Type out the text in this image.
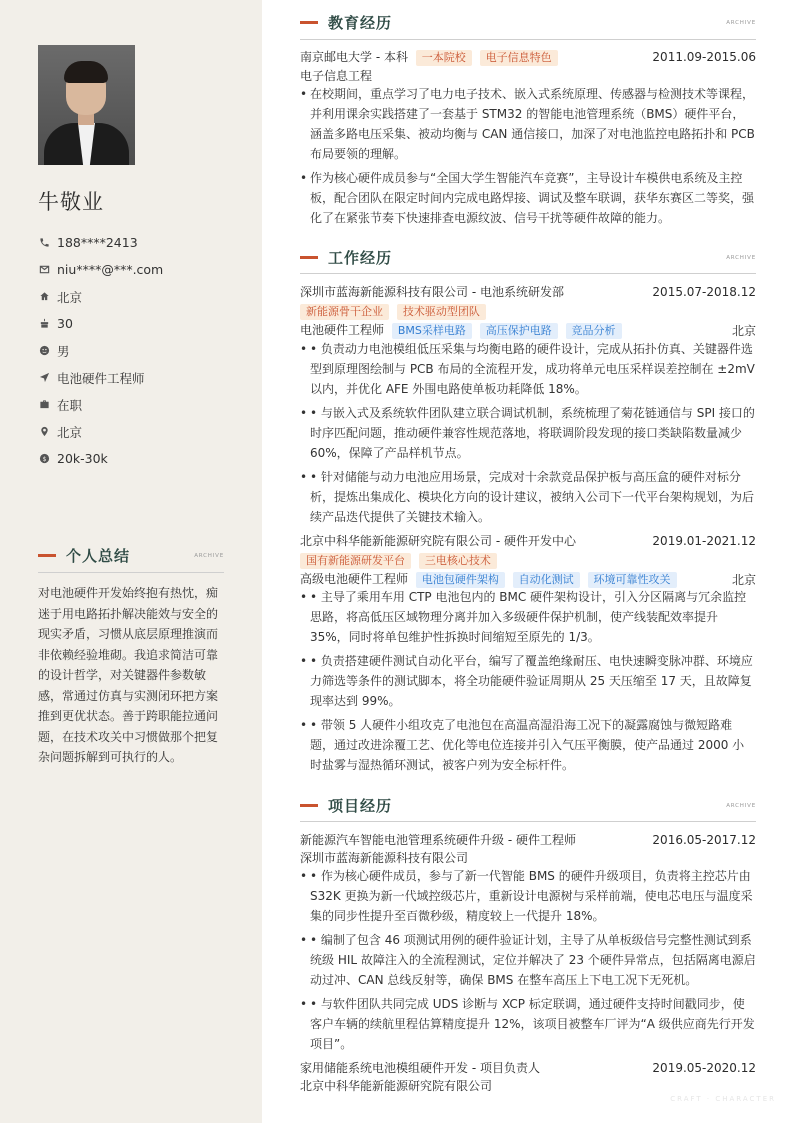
牛敬业
188****2413
niu****@***.com
北京
30
男
电池硬件工程师
在职
北京
$ 20k-30k
个人总结	ARCHIVE
对电池硬件开发始终抱有热忱，痴迷于用电路拓扑解决能效与安全的现实矛盾，习惯从底层原理推演而非依赖经验堆砌。我追求简洁可靠的设计哲学，对关键器件参数敏感，常通过仿真与实测闭环把方案推到更优状态。善于跨职能拉通问题，在技术攻关中习惯做那个把复杂问题拆解到可执行的人。
教育经历	ARCHIVE
南京邮电大学 - 本科 一本院校 电子信息特色	2011.09-2015.06
电子信息工程
• 在校期间，重点学习了电力电子技术、嵌入式系统原理、传感器与检测技术等课程，并利用课余实践搭建了一套基于 STM32 的智能电池管理系统（BMS）硬件平台，涵盖多路电压采集、被动均衡与 CAN 通信接口，加深了对电池监控电路拓扑和 PCB 布局要领的理解。
• 作为核心硬件成员参与“全国大学生智能汽车竞赛”，主导设计车模供电系统及主控板，配合团队在限定时间内完成电路焊接、调试及整车联调，获华东赛区二等奖，强化了在紧张节奏下快速排查电源纹波、信号干扰等硬件故障的能力。
工作经历	ARCHIVE
深圳市蓝海新能源科技有限公司 - 电池系统研发部	2015.07-2018.12
新能源骨干企业 技术驱动型团队
电池硬件工程师 BMS采样电路 高压保护电路 竞品分析	北京
• • 负责动力电池模组低压采集与均衡电路的硬件设计，完成从拓扑仿真、关键器件选型到原理图绘制与 PCB 布局的全流程开发，成功将单元电压采样误差控制在 ±2mV 以内，并优化 AFE 外围电路使单板功耗降低 18%。
• • 与嵌入式及系统软件团队建立联合调试机制，系统梳理了菊花链通信与 SPI 接口的时序匹配问题，推动硬件兼容性规范落地，将联调阶段发现的接口类缺陷数量减少 60%，保障了产品样机节点。
• • 针对储能与动力电池应用场景，完成对十余款竞品保护板与高压盒的硬件对标分析，提炼出集成化、模块化方向的设计建议，被纳入公司下一代平台架构规划，为后续产品迭代提供了关键技术输入。
北京中科华能新能源研究院有限公司 - 硬件开发中心	2019.01-2021.12
国有新能源研发平台 三电核心技术
高级电池硬件工程师 电池包硬件架构 自动化测试 环境可靠性攻关	北京
• • 主导了乘用车用 CTP 电池包内的 BMC 硬件架构设计，引入分区隔离与冗余监控思路，将高低压区域物理分离并加入多级硬件保护机制，使产线装配效率提升 35%，同时将单包维护性拆换时间缩短至原先的 1/3。
• • 负责搭建硬件测试自动化平台，编写了覆盖绝缘耐压、电快速瞬变脉冲群、环境应力筛选等条件的测试脚本，将全功能硬件验证周期从 25 天压缩至 17 天，且故障复现率达到 99%。
• • 带领 5 人硬件小组攻克了电池包在高温高湿沿海工况下的凝露腐蚀与微短路难题，通过改进涂覆工艺、优化等电位连接并引入气压平衡膜，使产品通过 2000 小时盐雾与湿热循环测试，被客户列为安全标杆件。
项目经历	ARCHIVE
新能源汽车智能电池管理系统硬件升级 - 硬件工程师	2016.05-2017.12
深圳市蓝海新能源科技有限公司
• • 作为核心硬件成员，参与了新一代智能 BMS 的硬件升级项目，负责将主控芯片由 S32K 更换为新一代域控级芯片，重新设计电源树与采样前端，使电芯电压与温度采集的同步性提升至百微秒级，精度较上一代提升 18%。
• • 编制了包含 46 项测试用例的硬件验证计划，主导了从单板级信号完整性测试到系统级 HIL 故障注入的全流程测试，定位并解决了 23 个硬件异常点，包括隔离电源启动过冲、CAN 总线反射等，确保 BMS 在整车高压上下电工况下无死机。
• • 与软件团队共同完成 UDS 诊断与 XCP 标定联调，通过硬件支持时间戳同步，使客户车辆的续航里程估算精度提升 12%，该项目被整车厂评为“A 级供应商先行开发项目”。
家用储能系统电池模组硬件开发 - 项目负责人	2019.05-2020.12
北京中科华能新能源研究院有限公司
CRAFT · CHARACTER
